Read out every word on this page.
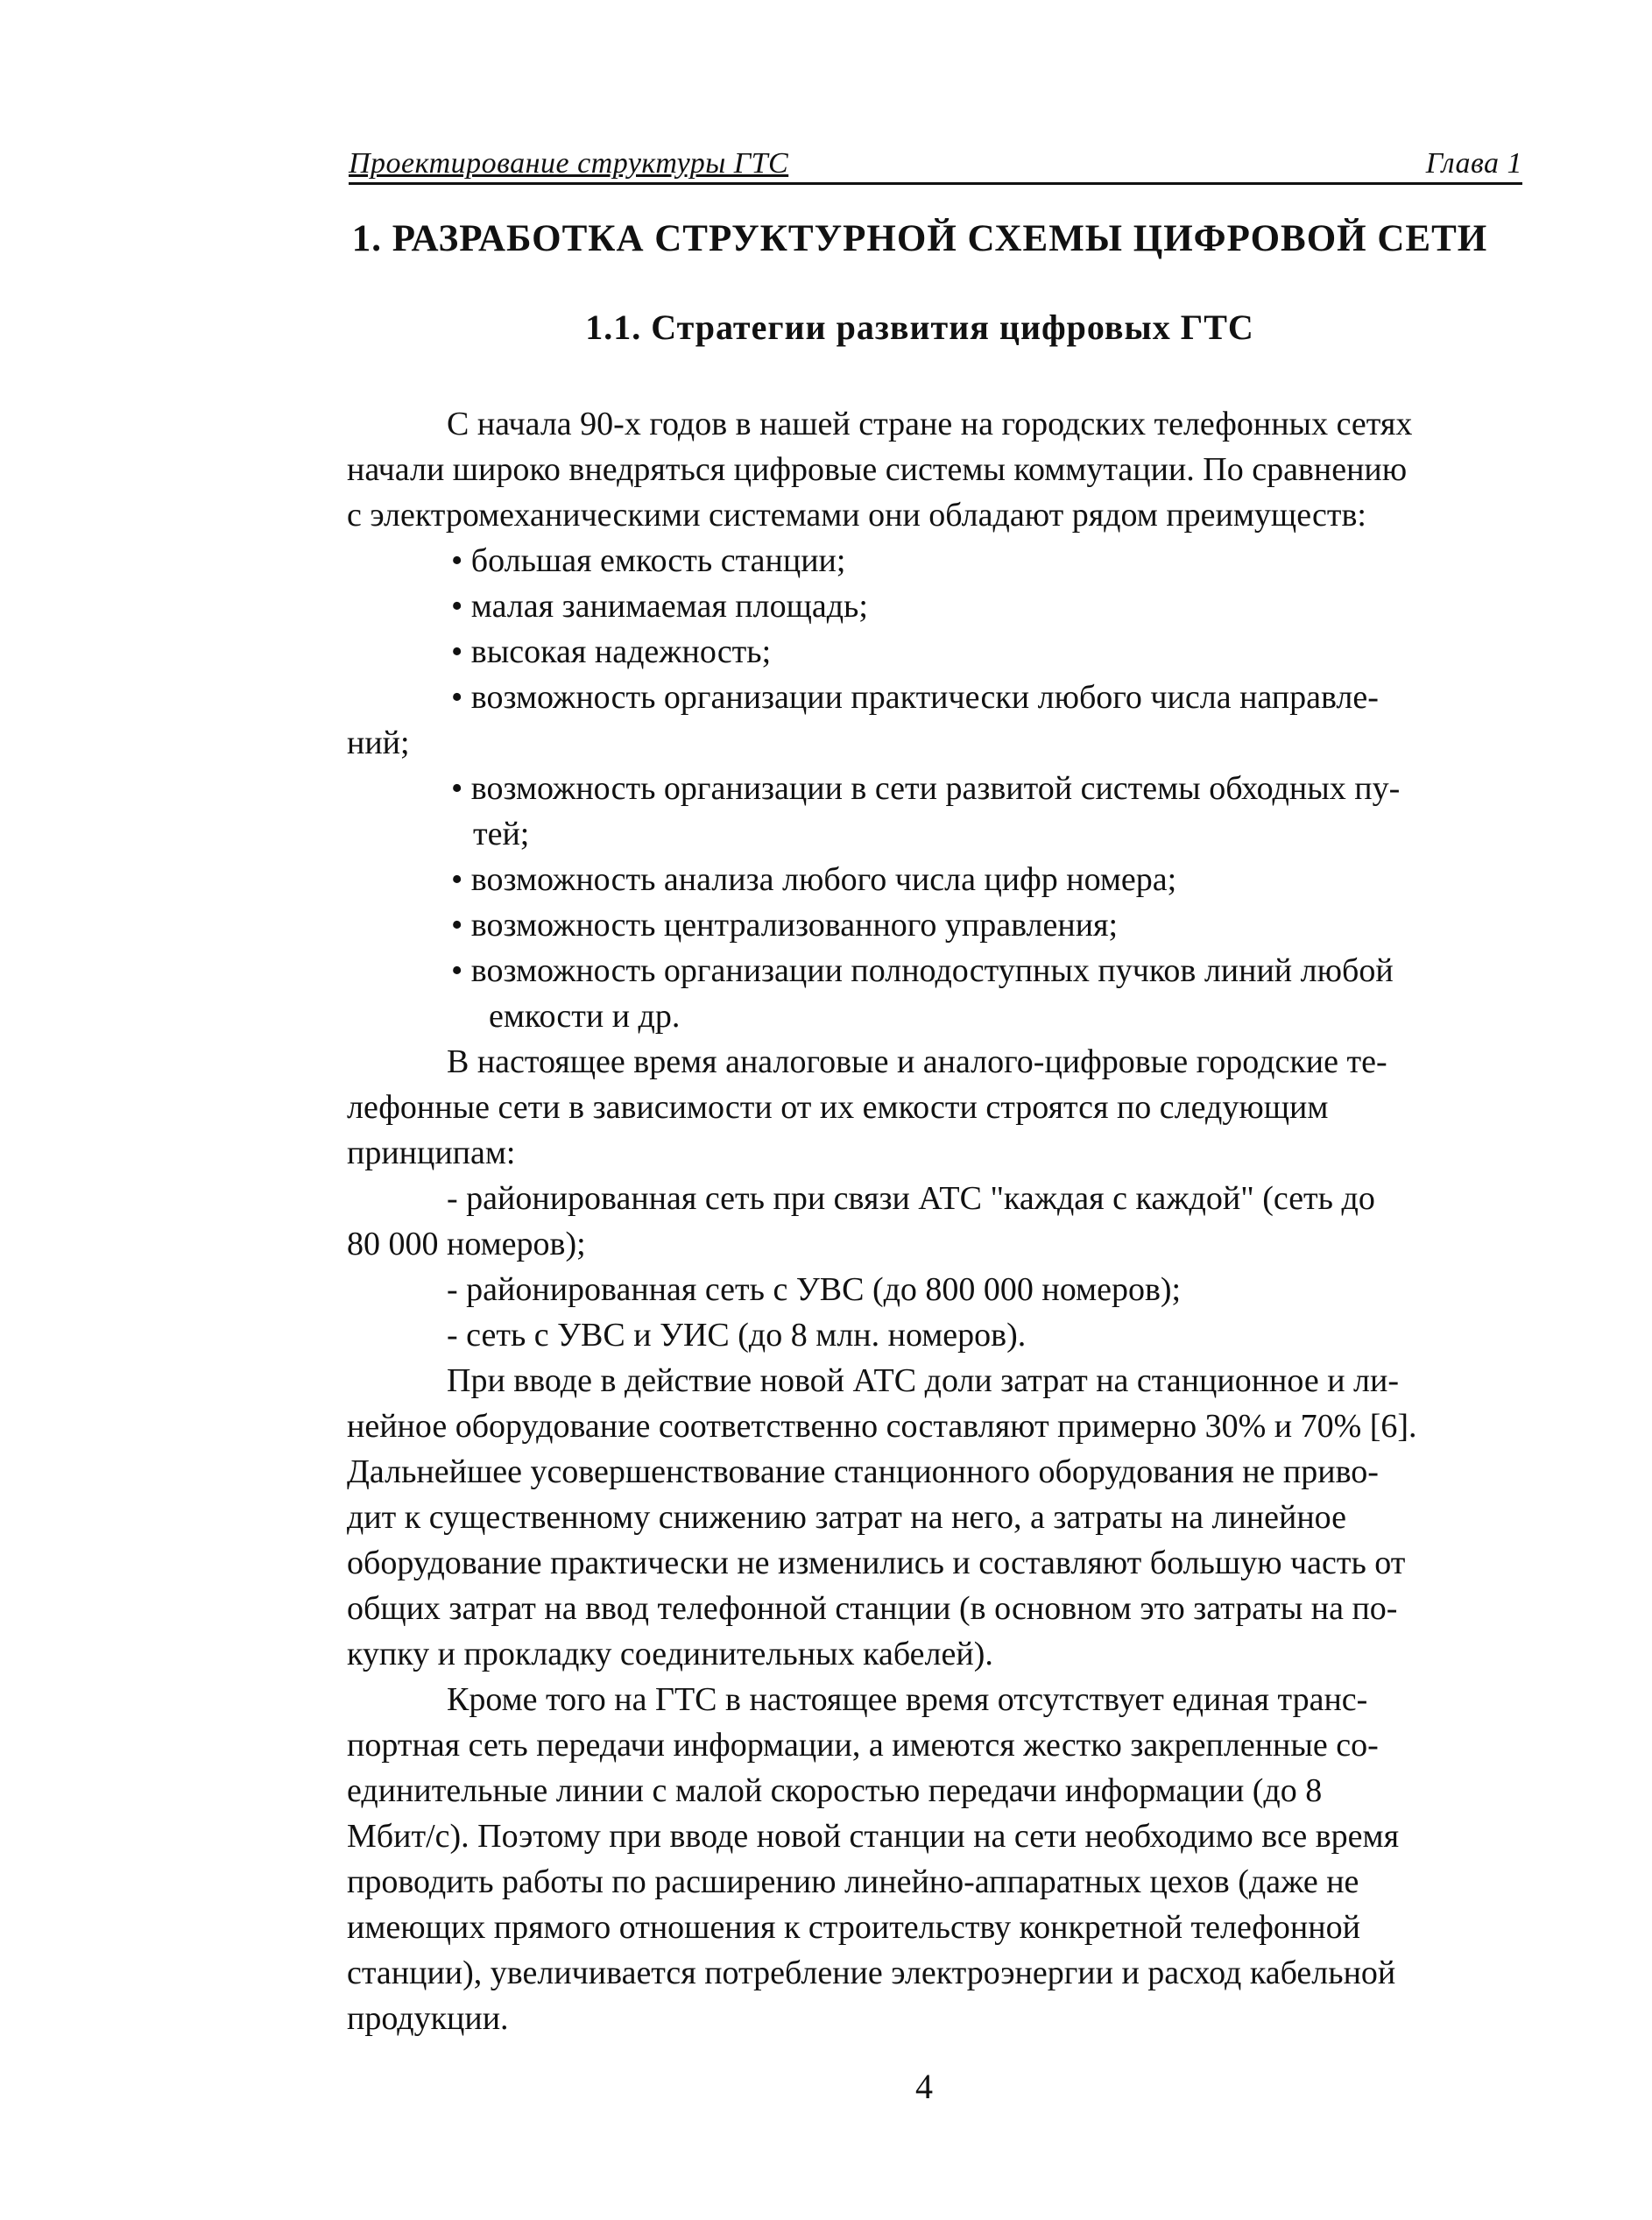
Проектирование структуры ГТС	Глава 1
1. РАЗРАБОТКА СТРУКТУРНОЙ СХЕМЫ ЦИФРОВОЙ СЕТИ
1.1. Стратегии развития цифровых ГТС
С начала 90-х годов в нашей стране на городских телефонных сетях
начали широко внедряться цифровые системы коммутации. По сравнению
с электромеханическими системами они обладают рядом преимуществ:
• большая емкость станции;
• малая занимаемая площадь;
• высокая надежность;
• возможность организации практически любого числа направле-
ний;
• возможность организации в сети развитой системы обходных пу-
тей;
• возможность анализа любого числа цифр номера;
• возможность централизованного управления;
• возможность организации полнодоступных пучков линий любой
емкости и др.
В настоящее время аналоговые и аналого-цифровые городские те-
лефонные сети в зависимости от их емкости строятся по следующим
принципам:
- районированная сеть при связи АТС "каждая с каждой" (сеть до
80 000 номеров);
- районированная сеть с УВС (до 800 000 номеров);
- сеть с УВС и УИС (до 8 млн. номеров).
При вводе в действие новой АТС доли затрат на станционное и ли-
нейное оборудование соответственно составляют примерно 30% и 70% [6].
Дальнейшее усовершенствование станционного оборудования не приво-
дит к существенному снижению затрат на него, а затраты на линейное
оборудование практически не изменились и составляют большую часть от
общих затрат на ввод телефонной станции (в основном это затраты на по-
купку и прокладку соединительных кабелей).
Кроме того на ГТС в настоящее время отсутствует единая транс-
портная сеть передачи информации, а имеются жестко закрепленные со-
единительные линии с малой скоростью передачи информации (до 8
Мбит/с). Поэтому при вводе новой станции на сети необходимо все время
проводить работы по расширению линейно-аппаратных цехов (даже не
имеющих прямого отношения к строительству конкретной телефонной
станции), увеличивается потребление электроэнергии и расход кабельной
продукции.
4
